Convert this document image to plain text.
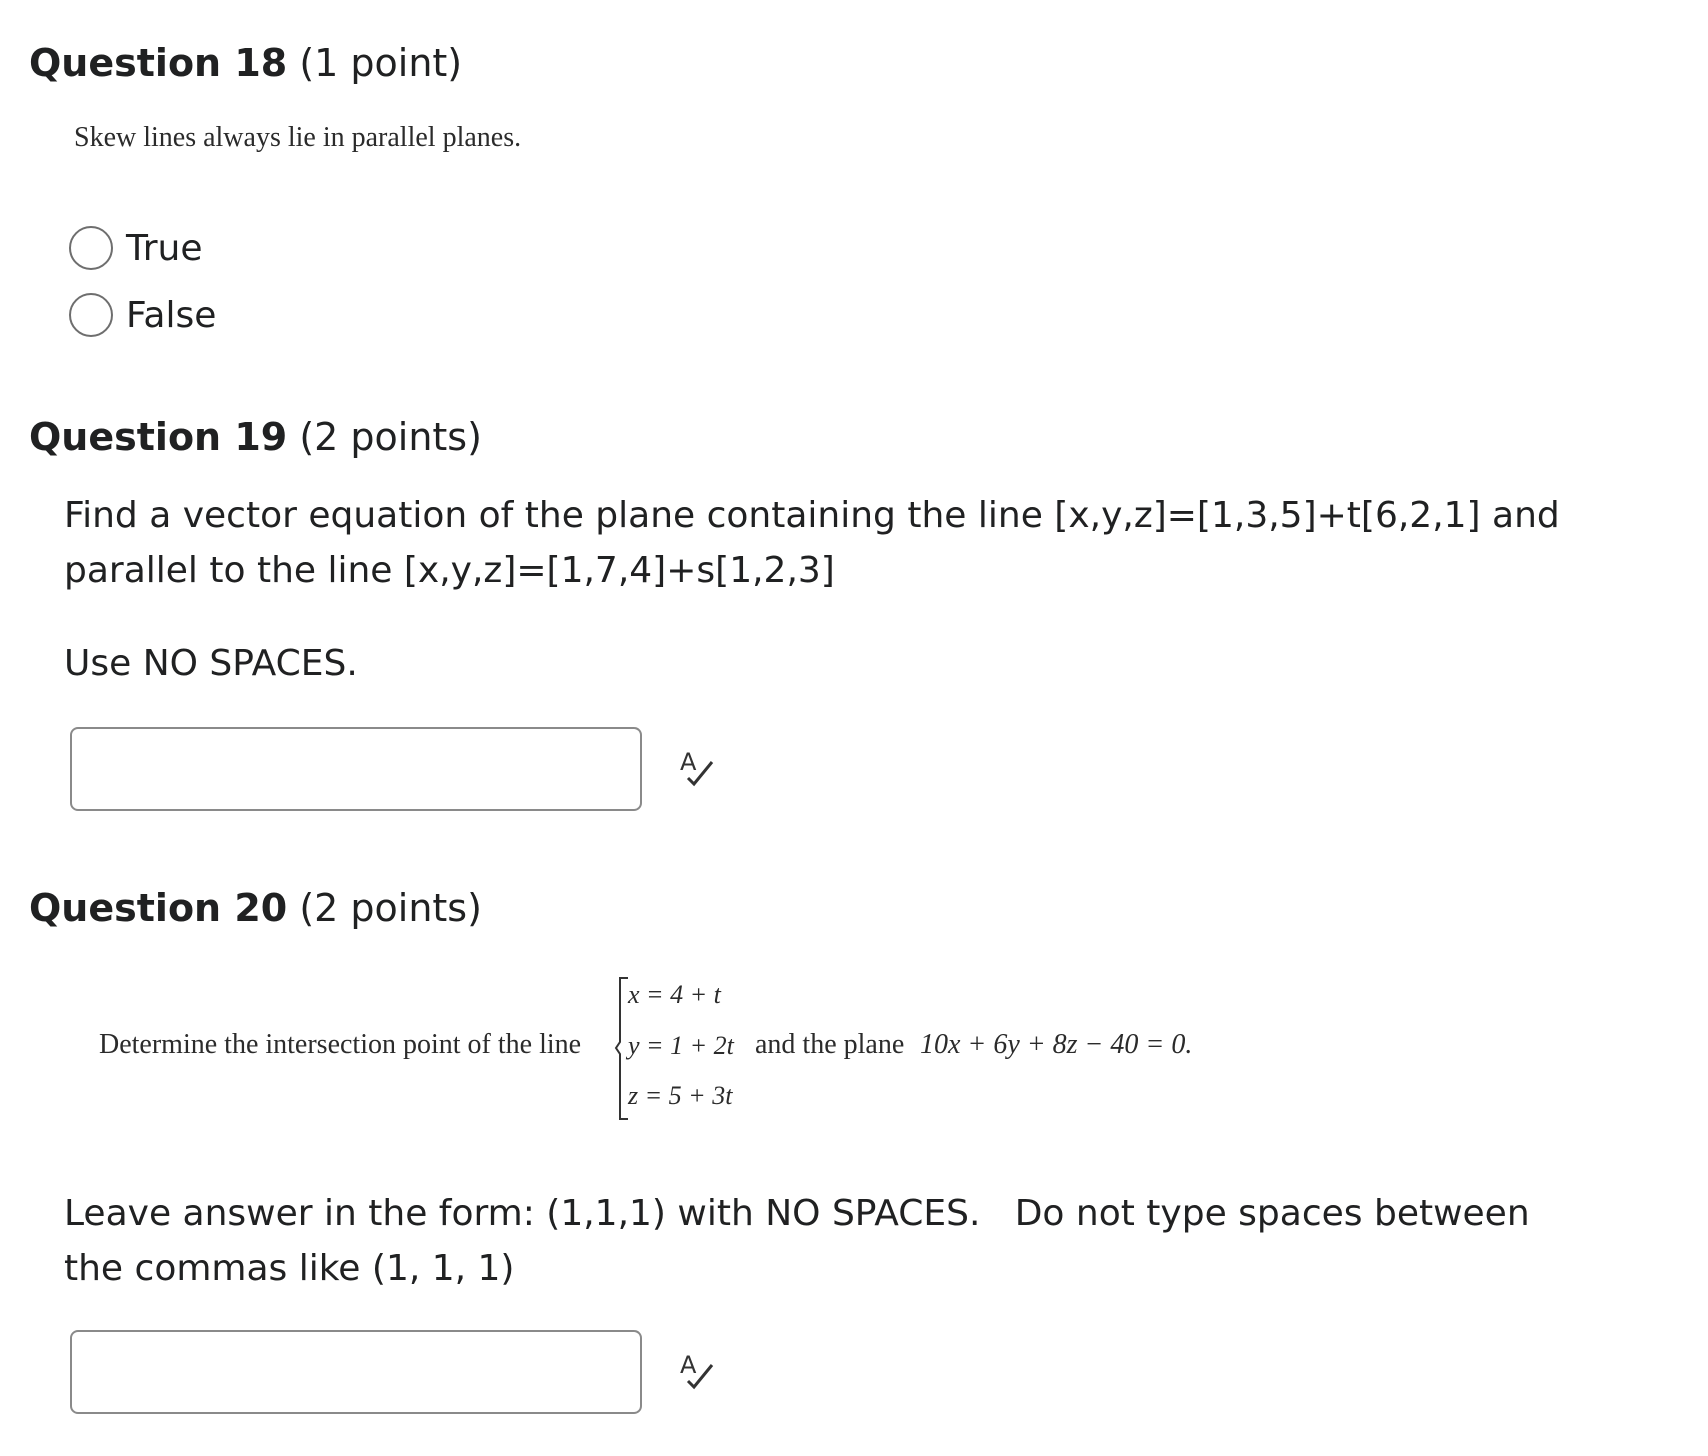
Question 18 (1 point)
Skew lines always lie in parallel planes.
True
False
Question 19 (2 points)
Find a vector equation of the plane containing the line [x,y,z]=[1,3,5]+t[6,2,1] and
parallel to the line [x,y,z]=[1,7,4]+s[1,2,3]
Use NO SPACES.
A
Question 20 (2 points)
Determine the intersection point of the line
x = 4 + t
y = 1 + 2t
z = 5 + 3t
and the plane 10x + 6y + 8z − 40 = 0.
Leave answer in the form: (1,1,1) with NO SPACES.   Do not type spaces between
the commas like (1, 1, 1)
A
